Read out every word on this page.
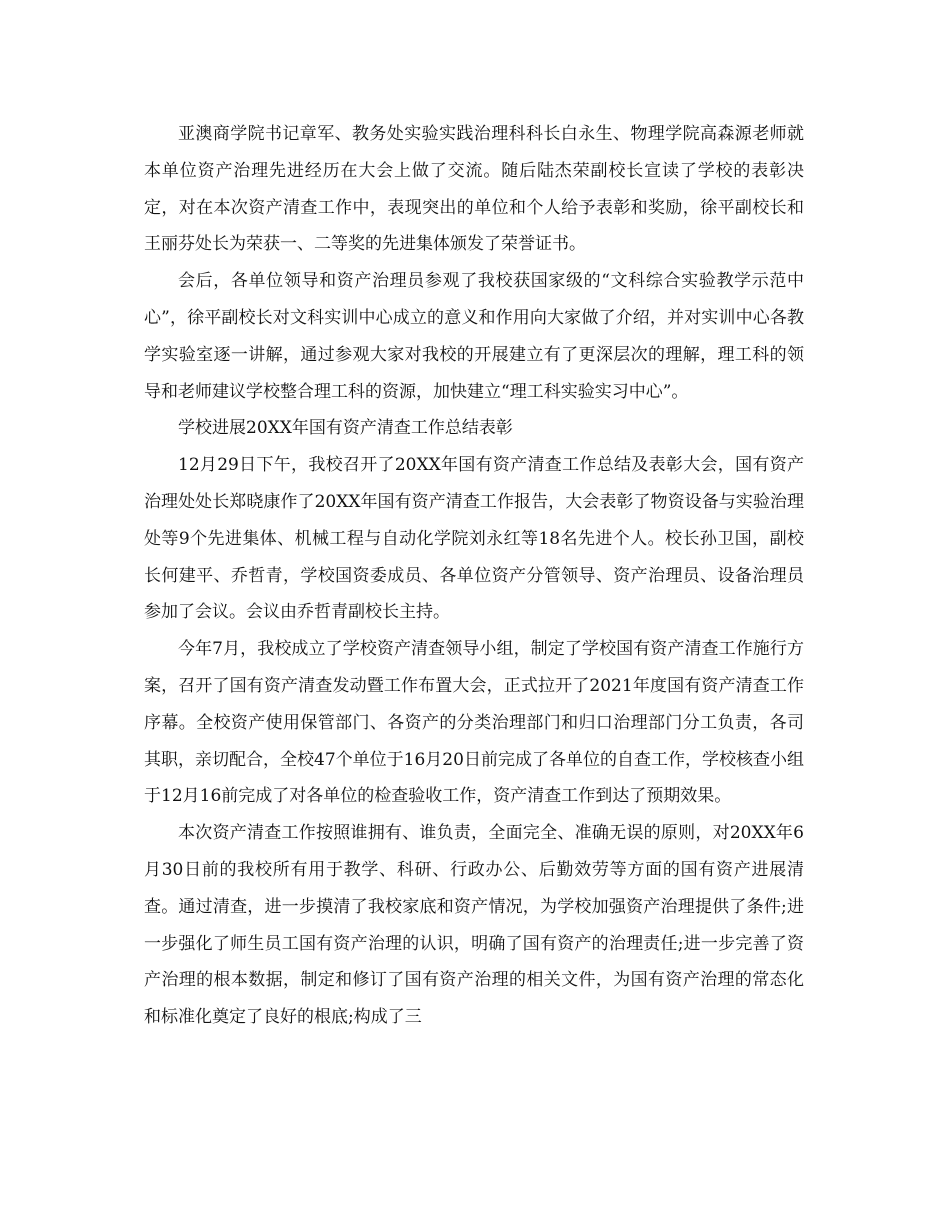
亚澳商学院书记章军、教务处实验实践治理科科长白永生、物理学院高森源老师就本单位资产治理先进经历在大会上做了交流。随后陆杰荣副校长宣读了学校的表彰决定，对在本次资产清查工作中，表现突出的单位和个人给予表彰和奖励，徐平副校长和王丽芬处长为荣获一、二等奖的先进集体颁发了荣誉证书。

会后，各单位领导和资产治理员参观了我校获国家级的“文科综合实验教学示范中心”，徐平副校长对文科实训中心成立的意义和作用向大家做了介绍，并对实训中心各教学实验室逐一讲解，通过参观大家对我校的开展建立有了更深层次的理解，理工科的领导和老师建议学校整合理工科的资源，加快建立“理工科实验实习中心”。

学校进展20XX年国有资产清查工作总结表彰

12月29日下午，我校召开了20XX年国有资产清查工作总结及表彰大会，国有资产治理处处长郑晓康作了20XX年国有资产清查工作报告，大会表彰了物资设备与实验治理处等9个先进集体、机械工程与自动化学院刘永红等18名先进个人。校长孙卫国，副校长何建平、乔哲青，学校国资委成员、各单位资产分管领导、资产治理员、设备治理员参加了会议。会议由乔哲青副校长主持。

今年7月，我校成立了学校资产清查领导小组，制定了学校国有资产清查工作施行方案，召开了国有资产清查发动暨工作布置大会，正式拉开了2021年度国有资产清查工作序幕。全校资产使用保管部门、各资产的分类治理部门和归口治理部门分工负责，各司其职，亲切配合，全校47个单位于16月20日前完成了各单位的自查工作，学校核查小组于12月16前完成了对各单位的检查验收工作，资产清查工作到达了预期效果。

本次资产清查工作按照谁拥有、谁负责，全面完全、准确无误的原则，对20XX年6月30日前的我校所有用于教学、科研、行政办公、后勤效劳等方面的国有资产进展清查。通过清查，进一步摸清了我校家底和资产情况，为学校加强资产治理提供了条件;进一步强化了师生员工国有资产治理的认识，明确了国有资产的治理责任;进一步完善了资产治理的根本数据，制定和修订了国有资产治理的相关文件，为国有资产治理的常态化和标准化奠定了良好的根底;构成了三
